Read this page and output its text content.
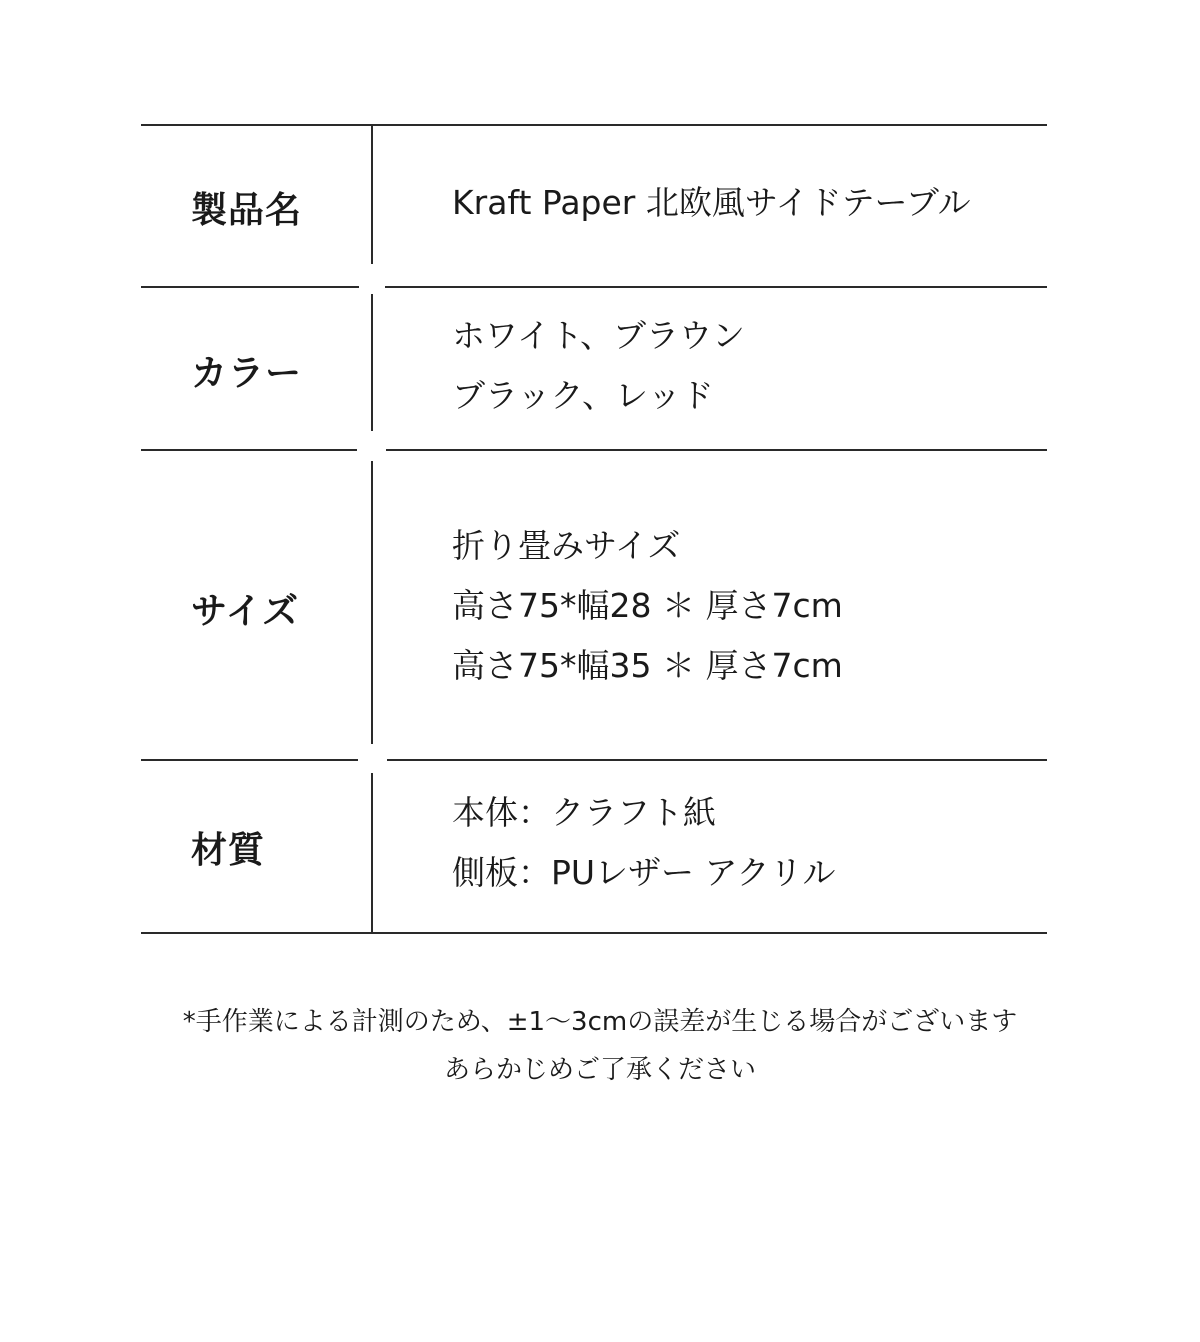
製品名	Kraft Paper 北欧風サイドテーブル
カラー
ホワイト、ブラウン
ブラック、レッド
サイズ
折り畳みサイズ
高さ75*幅28 ＊ 厚さ7cm
高さ75*幅35 ＊ 厚さ7cm
材質
本体：クラフト紙
側板：PUレザー アクリル
*手作業による計測のため、±1～3cmの誤差が生じる場合がございます
あらかじめご了承ください
